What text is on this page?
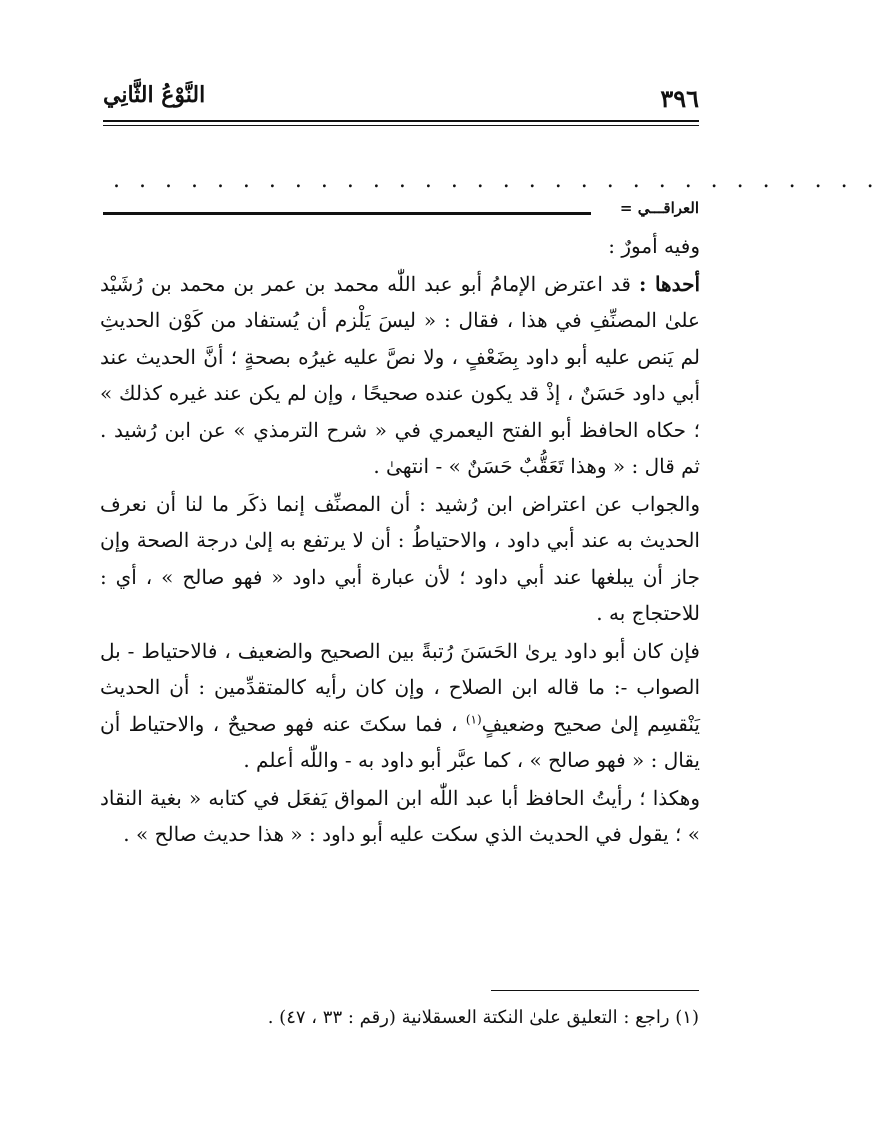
٣٩٦
النَّوْعُ الثَّانِي
. . . . . . . . . . . . . . . . . . . . . . . . . . . . . .
العراقـــي =

وفيه أمورٌ :

أحدها : قد اعترض الإمامُ أبو عبد اللّٰه محمد بن عمر بن محمد بن رُشَيْد علىٰ المصنِّفِ في هذا ، فقال : « ليسَ يَلْزم أن يُستفاد من كَوْن الحديثِ لم يَنص عليه أبو داود بِضَعْفٍ ، ولا نصَّ عليه غيرُه بصحةٍ ؛ أنَّ الحديث عند أبي داود حَسَنٌ ، إذْ قد يكون عنده صحيحًا ، وإن لم يكن عند غيره كذلك » ؛ حكاه الحافظ أبو الفتح اليعمري في « شرح الترمذي » عن ابن رُشيد . ثم قال : « وهذا تَعَقُّبٌ حَسَنٌ » - انتهىٰ .

والجواب عن اعتراض ابن رُشيد : أن المصنِّف إنما ذكَر ما لنا أن نعرف الحديث به عند أبي داود ، والاحتياطُ : أن لا يرتفع به إلىٰ درجة الصحة وإن جاز أن يبلغها عند أبي داود ؛ لأن عبارة أبي داود « فهو صالح » ، أي : للاحتجاج به .

فإن كان أبو داود يرىٰ الحَسَنَ رُتبةً بين الصحيح والضعيف ، فالاحتياط - بل الصواب -: ما قاله ابن الصلاح ، وإن كان رأيه كالمتقدِّمين : أن الحديث يَنْقسِم إلىٰ صحيح وضعيفٍ$^{(١)}$ ، فما سكتَ عنه فهو صحيحٌ ، والاحتياط أن يقال : « فهو صالح » ، كما عبَّر أبو داود به - واللّٰه أعلم .

وهكذا ؛ رأيتُ الحافظ أبا عبد اللّٰه ابن المواق يَفعَل في كتابه « بغية النقاد » ؛ يقول في الحديث الذي سكت عليه أبو داود : « هذا حديث صالح » .

(١) راجع : التعليق علىٰ النكتة العسقلانية (رقم : ٣٣ ، ٤٧) .
